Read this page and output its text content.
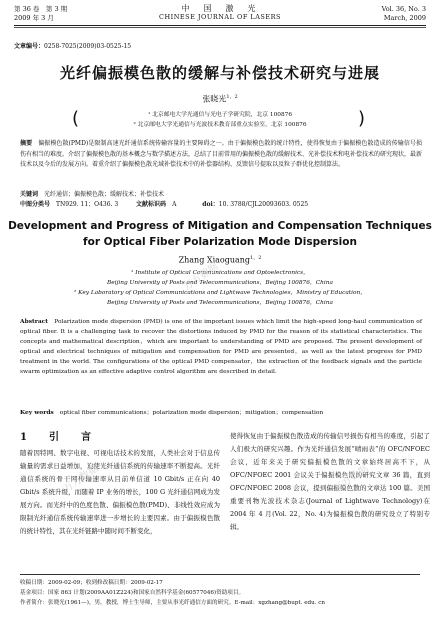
第 36 卷　第 3 期
2009 年 3 月
中　国　激　光
CHINESE JOURNAL OF LASERS
Vol. 36, No. 3
March, 2009
文章编号：0258-7025(2009)03-0525-15
光纤偏振模色散的缓解与补偿技术研究与进展
张晓光$^{1,2}$
(	¹ 北京邮电大学光通信与光电子学研究院，北京 100876
² 北京邮电大学光通信与光波技术教育部重点实验室，北京 100876	)
摘要　 偏振模色散(PMD)是限制高速光纤通信系统传输容量的主要障碍之一。由于偏振模色散的统计特性，使得恢复由于偏振模色散造成的传输信号损伤有相当的难度。介绍了偏振模色散的基本概念与数学描述方法，总结了目前常用的偏振模色散的缓解技术、光补偿技术和电补偿技术的研究现状，最新技术以及今后的发展方向。着重介绍了偏振模色散光域补偿技术中的补偿器结构、反馈信号提取以及粒子群优化控制算法。
关键词　 光纤通信；偏振模色散；缓解技术；补偿技术
中图分类号　 TN929. 11；O436. 3	文献标识码　 A	doi：10. 3788/CJL20093603. 0525
Development and Progress of Mitigation and Compensation Techniques
for Optical Fiber Polarization Mode Dispersion
Zhang Xiaoguang$^{1,2}$
¹ Institute of Optical Communications and Optoelectronics，
Beijing University of Posts and Telecommunications，Beijing 100876，China
² Key Laboratory of Optical Communications and Lightwave Technologies，Ministry of Education，
Beijing University of Posts and Telecommunications，Beijing 100876，China
Abstract　 Polarization mode dispersion (PMD) is one of the important issues which limit the high-speed long-haul communication of optical fiber. It is a challenging task to recover the distortions induced by PMD for the reason of its statistical characteristics. The concepts and mathematical description，which are important to understanding of PMD are proposed. The present development of optical and electrical techniques of mitigation and compensation for PMD are presented，as well as the latest progress for PMD treatment in the world. The configurations of the optical PMD compensator，the extraction of the feedback signals and the particle swarm optimization as an effective adaptive control algorithm are described in detail.
Key words　 optical fiber communications；polarization mode dispersion；mitigation；compensation
1　引　言
随着因特网、数字电视、可视电话技术的发展，人类社会对于信息传输量的需求日益增加，迫使光纤通信系统的传输速率不断提高。光纤通信系统的骨干网传输速率从目前单信道 10 Gbit/s 正在向 40 Gbit/s 系统升级，而随着 IP 业务的增长，100 G 光纤通信网成为发展方向。而光纤中的色度色散、偏振模色散(PMD)、非线性效应成为限制光纤通信系统传输速率进一步增长的主要因素。由于偏振模色散的统计特性，其在光纤链路中随时间不断变化，
使得恢复由于偏振模色散造成的传输信号损伤有相当的难度，引起了人们极大的研究兴趣。作为光纤通信发展“晴雨表”的 OFC/NFOEC 会议，近年来关于研究偏振模色散的文章始终居高不下，从 OFC/NFOEC 2001 会议关于偏振模色散的研究文章 36 篇，直到 OFC/NFOEC 2008 会议，提到偏振模色散的文章达 100 篇。美国重要刊物光波技术杂志(Journal of Lightwave Technology)在 2004 年 4 月(Vol. 22，No. 4)为偏振模色散的研究设立了特别专辑。
收稿日期：2009-02-09；收到修改稿日期：2009-02-17
基金项目：国家 863 计划(2009AA01Z224)和国家自然科学基金(60577046)资助项目。
作者简介：张晓光(1961—)，男，教授，博士生导师，主要从事光纤通信方面的研究。E-mail：xgzhang@bupt. edu. cn
万方数据
万方数据	万方数据
